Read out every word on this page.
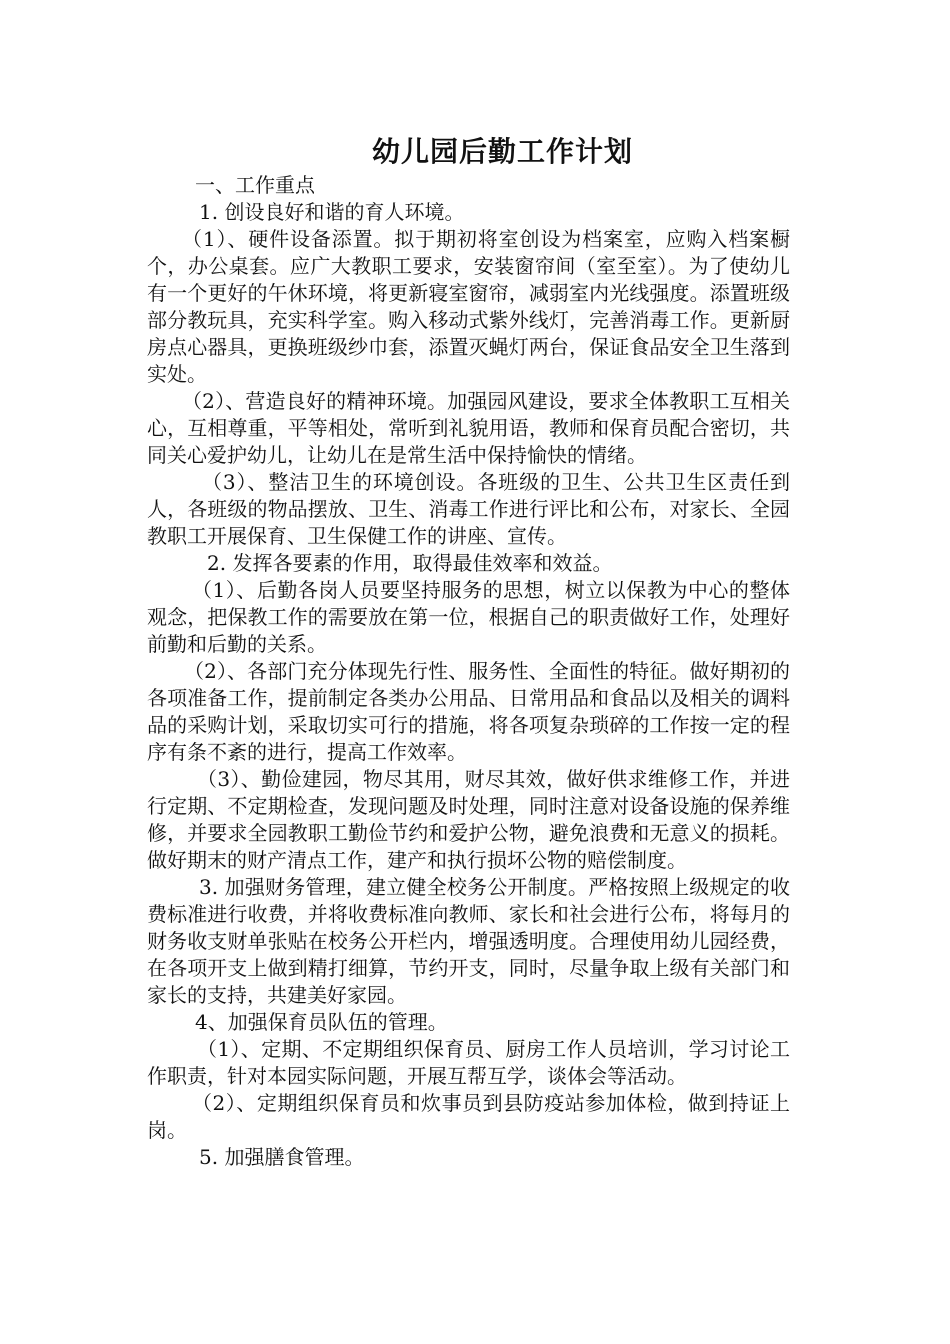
幼儿园后勤工作计划

一、工作重点

1. 创设良好和谐的育人环境。

（1）、硬件设备添置。拟于期初将室创设为档案室，应购入档案橱个，办公桌套。应广大教职工要求，安装窗帘间（室至室）。为了使幼儿有一个更好的午休环境，将更新寝室窗帘，减弱室内光线强度。添置班级部分教玩具，充实科学室。购入移动式紫外线灯，完善消毒工作。更新厨房点心器具，更换班级纱巾套，添置灭蝇灯两台，保证食品安全卫生落到实处。

（2）、营造良好的精神环境。加强园风建设，要求全体教职工互相关心，互相尊重，平等相处，常听到礼貌用语，教师和保育员配合密切，共同关心爱护幼儿，让幼儿在是常生活中保持愉快的情绪。

（3）、整洁卫生的环境创设。各班级的卫生、公共卫生区责任到人，各班级的物品摆放、卫生、消毒工作进行评比和公布，对家长、全园教职工开展保育、卫生保健工作的讲座、宣传。

2. 发挥各要素的作用，取得最佳效率和效益。

（1）、后勤各岗人员要坚持服务的思想，树立以保教为中心的整体观念，把保教工作的需要放在第一位，根据自己的职责做好工作，处理好前勤和后勤的关系。

（2）、各部门充分体现先行性、服务性、全面性的特征。做好期初的各项准备工作，提前制定各类办公用品、日常用品和食品以及相关的调料品的采购计划，采取切实可行的措施，将各项复杂琐碎的工作按一定的程序有条不紊的进行，提高工作效率。

（3）、勤俭建园，物尽其用，财尽其效，做好供求维修工作，并进行定期、不定期检查，发现问题及时处理，同时注意对设备设施的保养维修，并要求全园教职工勤俭节约和爱护公物，避免浪费和无意义的损耗。做好期末的财产清点工作，建产和执行损坏公物的赔偿制度。

3. 加强财务管理，建立健全校务公开制度。严格按照上级规定的收费标准进行收费，并将收费标准向教师、家长和社会进行公布，将每月的财务收支财单张贴在校务公开栏内，增强透明度。合理使用幼儿园经费，在各项开支上做到精打细算，节约开支，同时，尽量争取上级有关部门和家长的支持，共建美好家园。

4、加强保育员队伍的管理。

（1）、定期、不定期组织保育员、厨房工作人员培训，学习讨论工作职责，针对本园实际问题，开展互帮互学，谈体会等活动。

（2）、定期组织保育员和炊事员到县防疫站参加体检，做到持证上岗。

5. 加强膳食管理。
